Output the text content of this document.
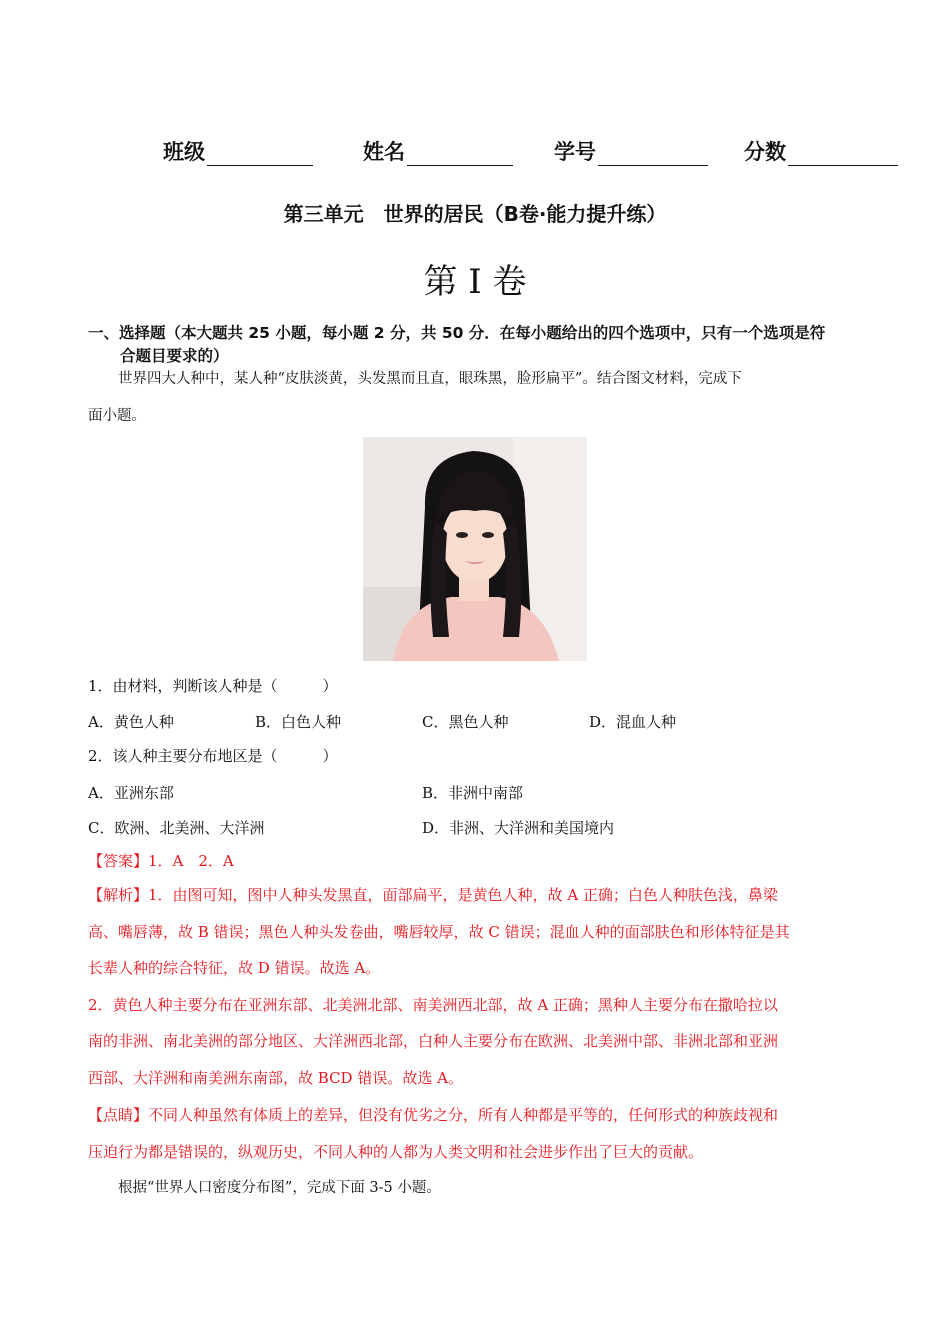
班级	姓名	学号	分数
第三单元　世界的居民（B卷·能力提升练）
第 I 卷
一、选择题（本大题共 25 小题，每小题 2 分，共 50 分．在每小题给出的四个选项中，只有一个选项是符
合题目要求的）
世界四大人种中，某人种“皮肤淡黄，头发黑而且直，眼珠黑，脸形扁平”。结合图文材料，完成下
面小题。
1．由材料，判断该人种是（　　　）
A．黄色人种	B．白色人种	C．黑色人种	D．混血人种
2．该人种主要分布地区是（　　　）
A．亚洲东部	B．非洲中南部
C．欧洲、北美洲、大洋洲	D．非洲、大洋洲和美国境内
【答案】1．A　2．A
【解析】1．由图可知，图中人种头发黑直，面部扁平，是黄色人种，故 A 正确；白色人种肤色浅，鼻梁
高、嘴唇薄，故 B 错误；黑色人种头发卷曲，嘴唇较厚，故 C 错误；混血人种的面部肤色和形体特征是其
长辈人种的综合特征，故 D 错误。故选 A。
2．黄色人种主要分布在亚洲东部、北美洲北部、南美洲西北部，故 A 正确；黑种人主要分布在撒哈拉以
南的非洲、南北美洲的部分地区、大洋洲西北部，白种人主要分布在欧洲、北美洲中部、非洲北部和亚洲
西部、大洋洲和南美洲东南部，故 BCD 错误。故选 A。
【点睛】不同人种虽然有体质上的差异，但没有优劣之分，所有人种都是平等的，任何形式的种族歧视和
压迫行为都是错误的，纵观历史，不同人种的人都为人类文明和社会进步作出了巨大的贡献。
根据“世界人口密度分布图”，完成下面 3-5 小题。
